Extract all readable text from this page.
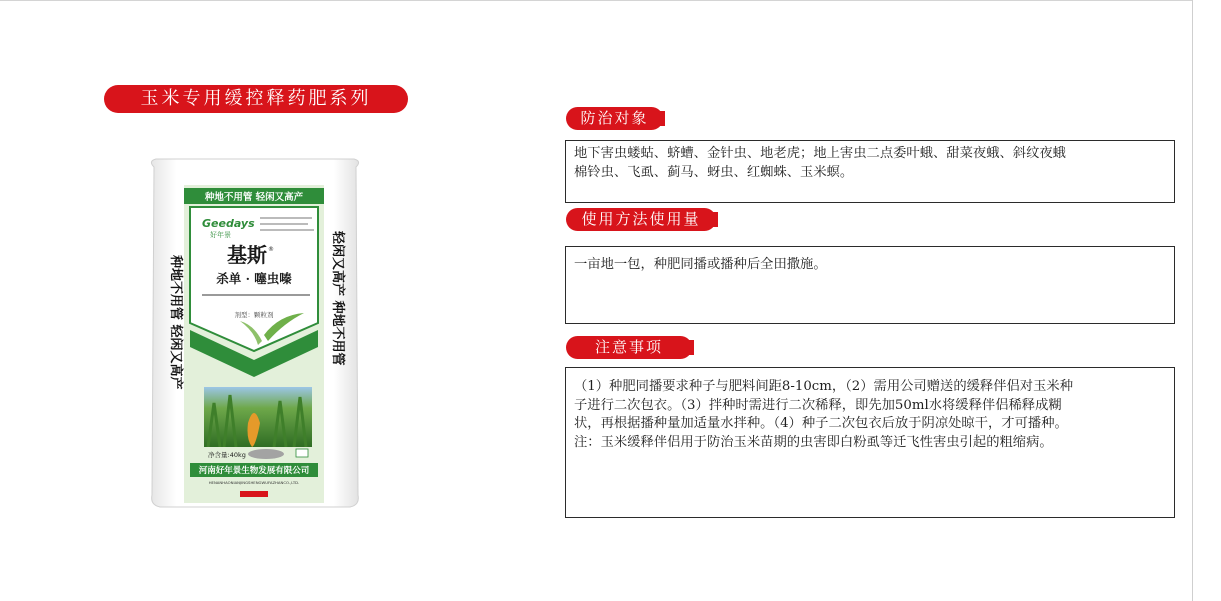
玉米专用缓控释药肥系列
种地不用管 轻闲又高产
Geedays
好年景
基斯 ®
杀单 · 噻虫嗪
剂型：颗粒剂
净含量:40kg
河南好年景生物发展有限公司
HENANHAONIANJINGSHENGWUFAZHANCO.,LTD.
种地不用管 轻闲又高产	轻闲又高产 种地不用管
防治对象

地下害虫蝼蛄、蛴螬、金针虫、地老虎；地上害虫二点委叶蛾、甜菜夜蛾、斜纹夜蛾

棉铃虫、飞虱、蓟马、蚜虫、红蜘蛛、玉米螟。

使用方法使用量

一亩地一包，种肥同播或播种后全田撒施。

注意事项

（1）种肥同播要求种子与肥料间距8-10cm，（2）需用公司赠送的缓释伴侣对玉米种

子进行二次包衣。（3）拌种时需进行二次稀释，即先加50ml水将缓释伴侣稀释成糊

状，再根据播种量加适量水拌种。（4）种子二次包衣后放于阴凉处晾干，才可播种。

注：玉米缓释伴侣用于防治玉米苗期的虫害即白粉虱等迁飞性害虫引起的粗缩病。
